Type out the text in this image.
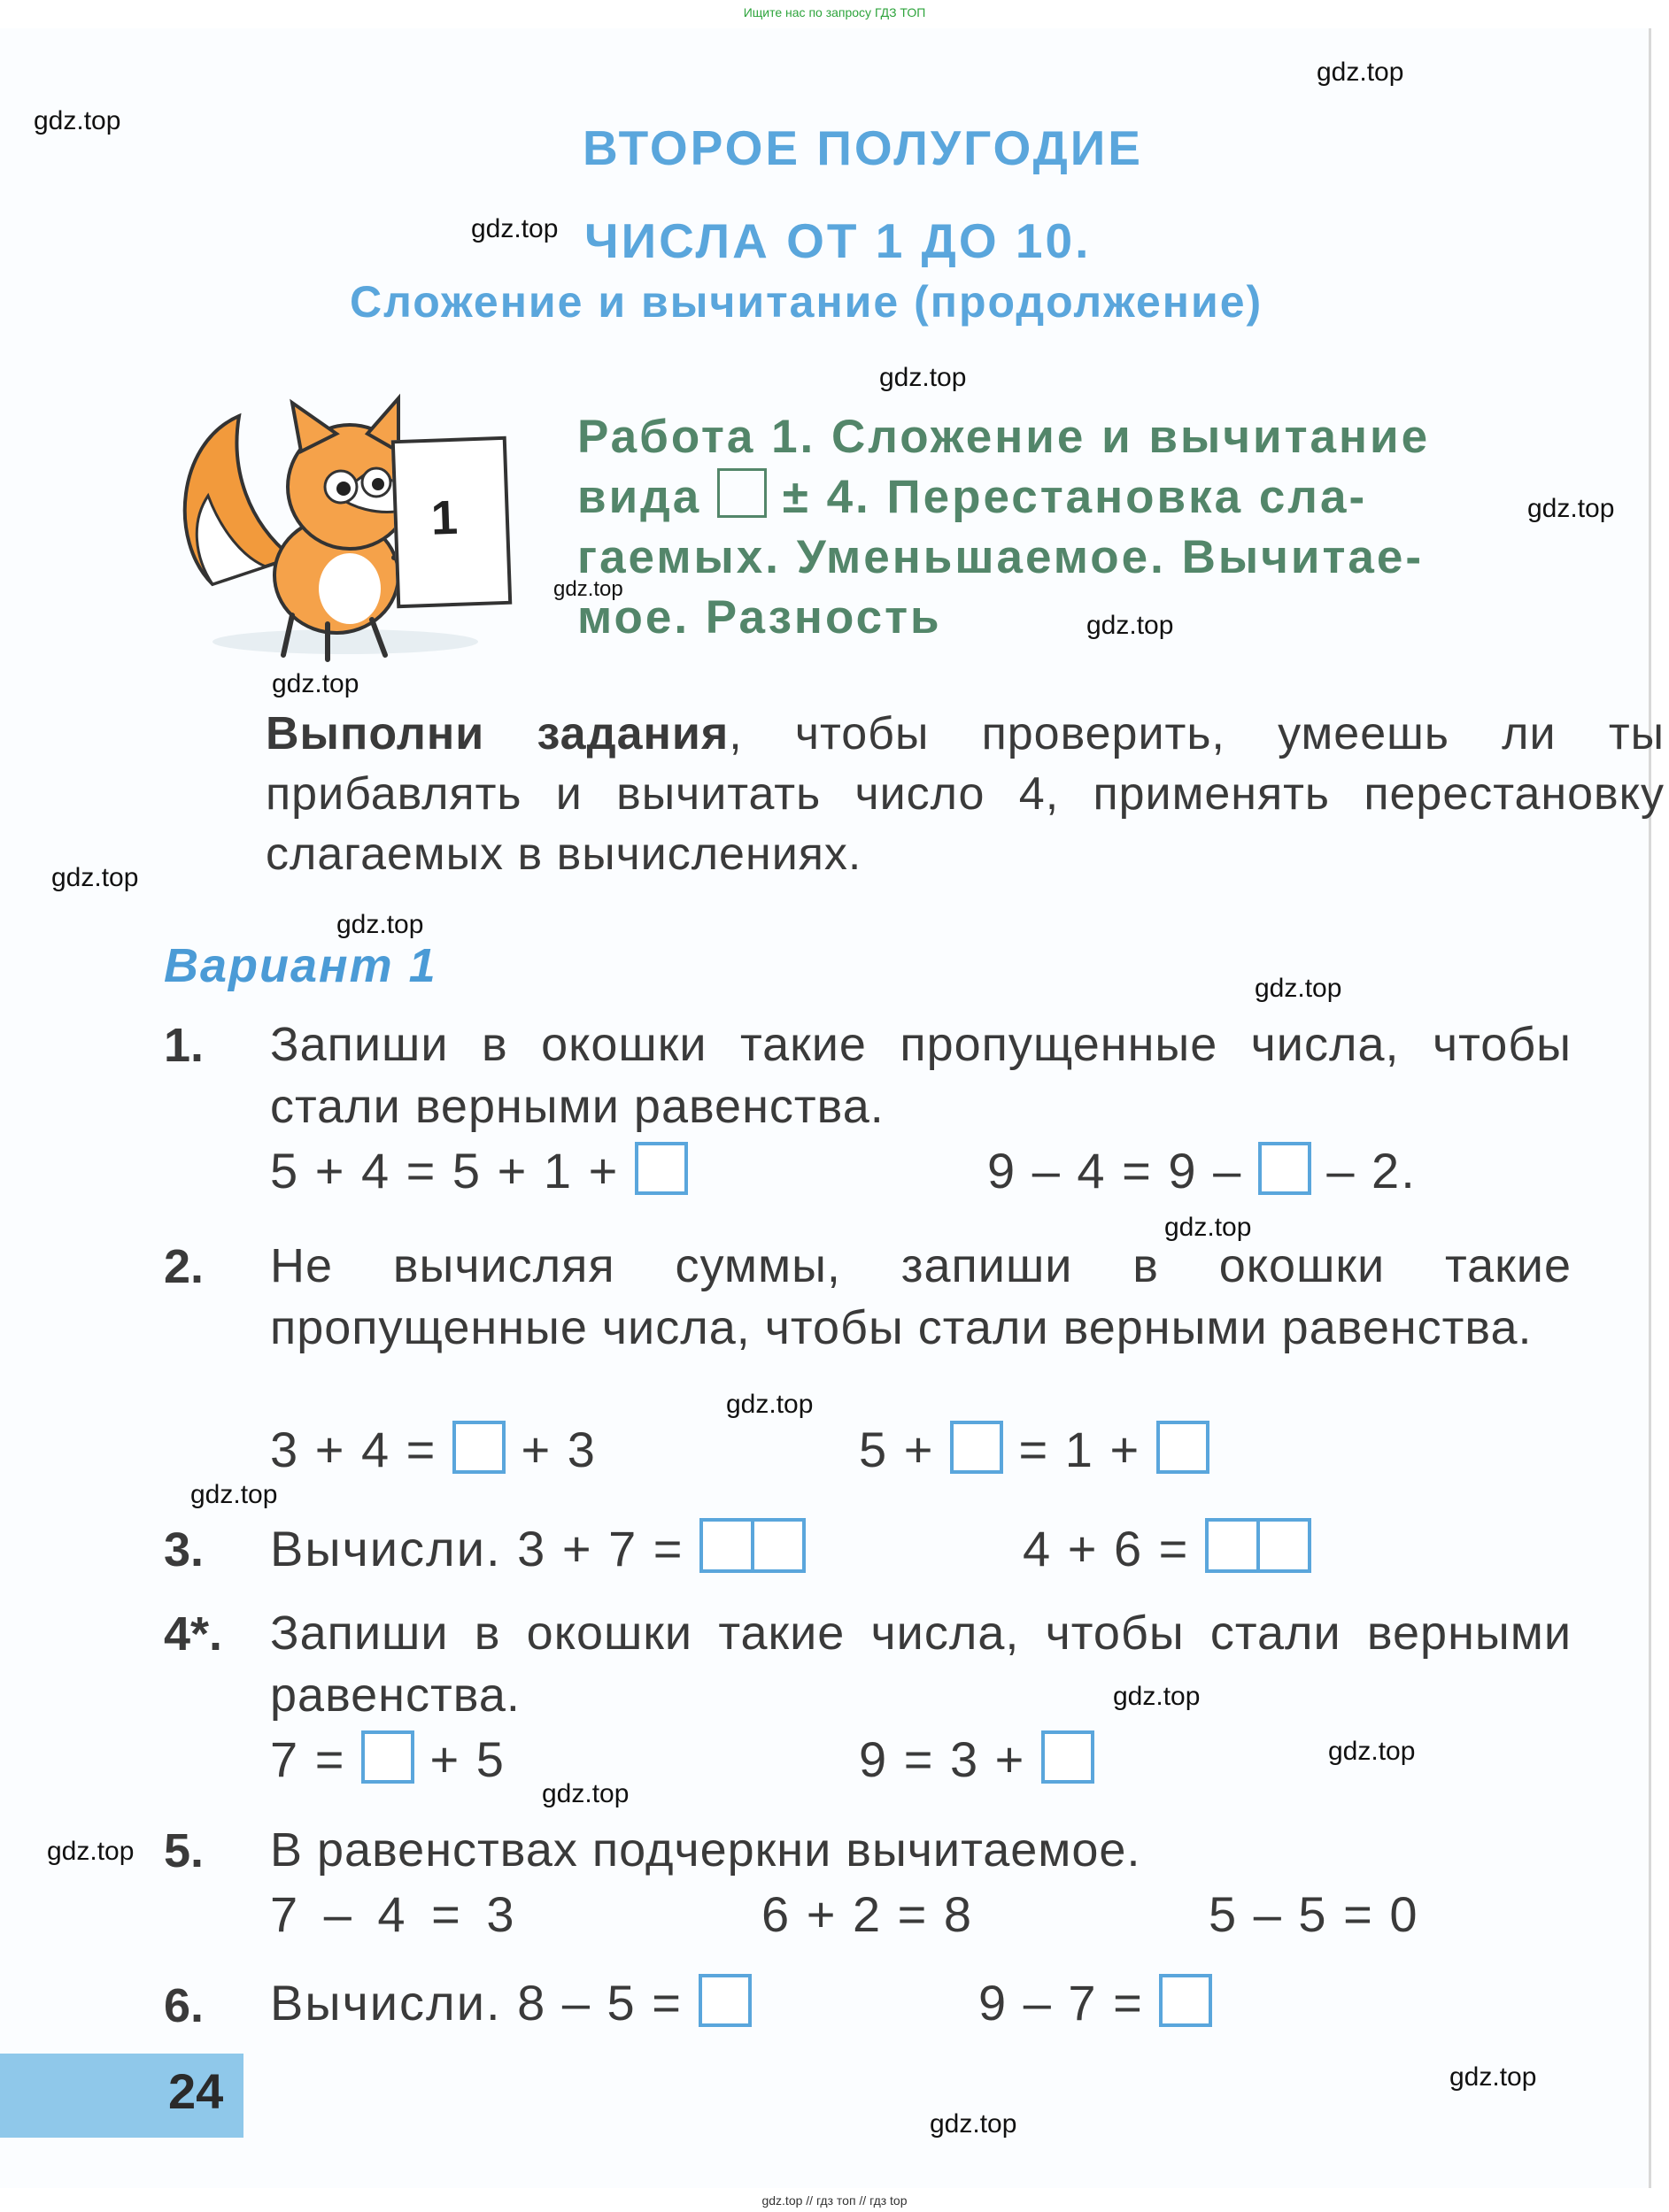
Ищите нас по запросу ГДЗ ТОП
ВТОРОЕ ПОЛУГОДИЕ
ЧИСЛА ОТ 1 ДО 10.
Сложение и вычитание (продолжение)
1
Работа 1. Сложение и вычитание
вида ± 4. Перестановка сла-
гаемых. Уменьшаемое. Вычитае-
мое. Разность
Выполни задания, чтобы проверить, умеешь ли ты прибавлять и вычитать число 4, применять перестановку слагаемых в вычислениях.
Вариант 1
1. Запиши в окошки такие пропущенные числа, чтобы стали верными равенства.
5 + 4 = 5 + 1 +	9 – 4 = 9 – – 2.
2. Не вычисляя суммы, запиши в окошки такие пропущенные числа, чтобы стали верными равенства.
3 + 4 = + 3	5 + = 1 +
3. Вычисли. 3 + 7 =	4 + 6 =
4*. Запиши в окошки такие числа, чтобы стали верными равенства.
7 = + 5	9 = 3 +
5. В равенствах подчеркни вычитаемое.
7 – 4 = 3	6 + 2 = 8	5 – 5 = 0
6. Вычисли. 8 – 5 =	9 – 7 =
24
gdz.top
gdz.top
gdz.top
gdz.top
gdz.top
gdz.top
gdz.top
gdz.top
gdz.top
gdz.top
gdz.top
gdz.top
gdz.top
gdz.top
gdz.top
gdz.top
gdz.top
gdz.top
gdz.top
gdz.top
gdz.top // гдз топ // гдз top
